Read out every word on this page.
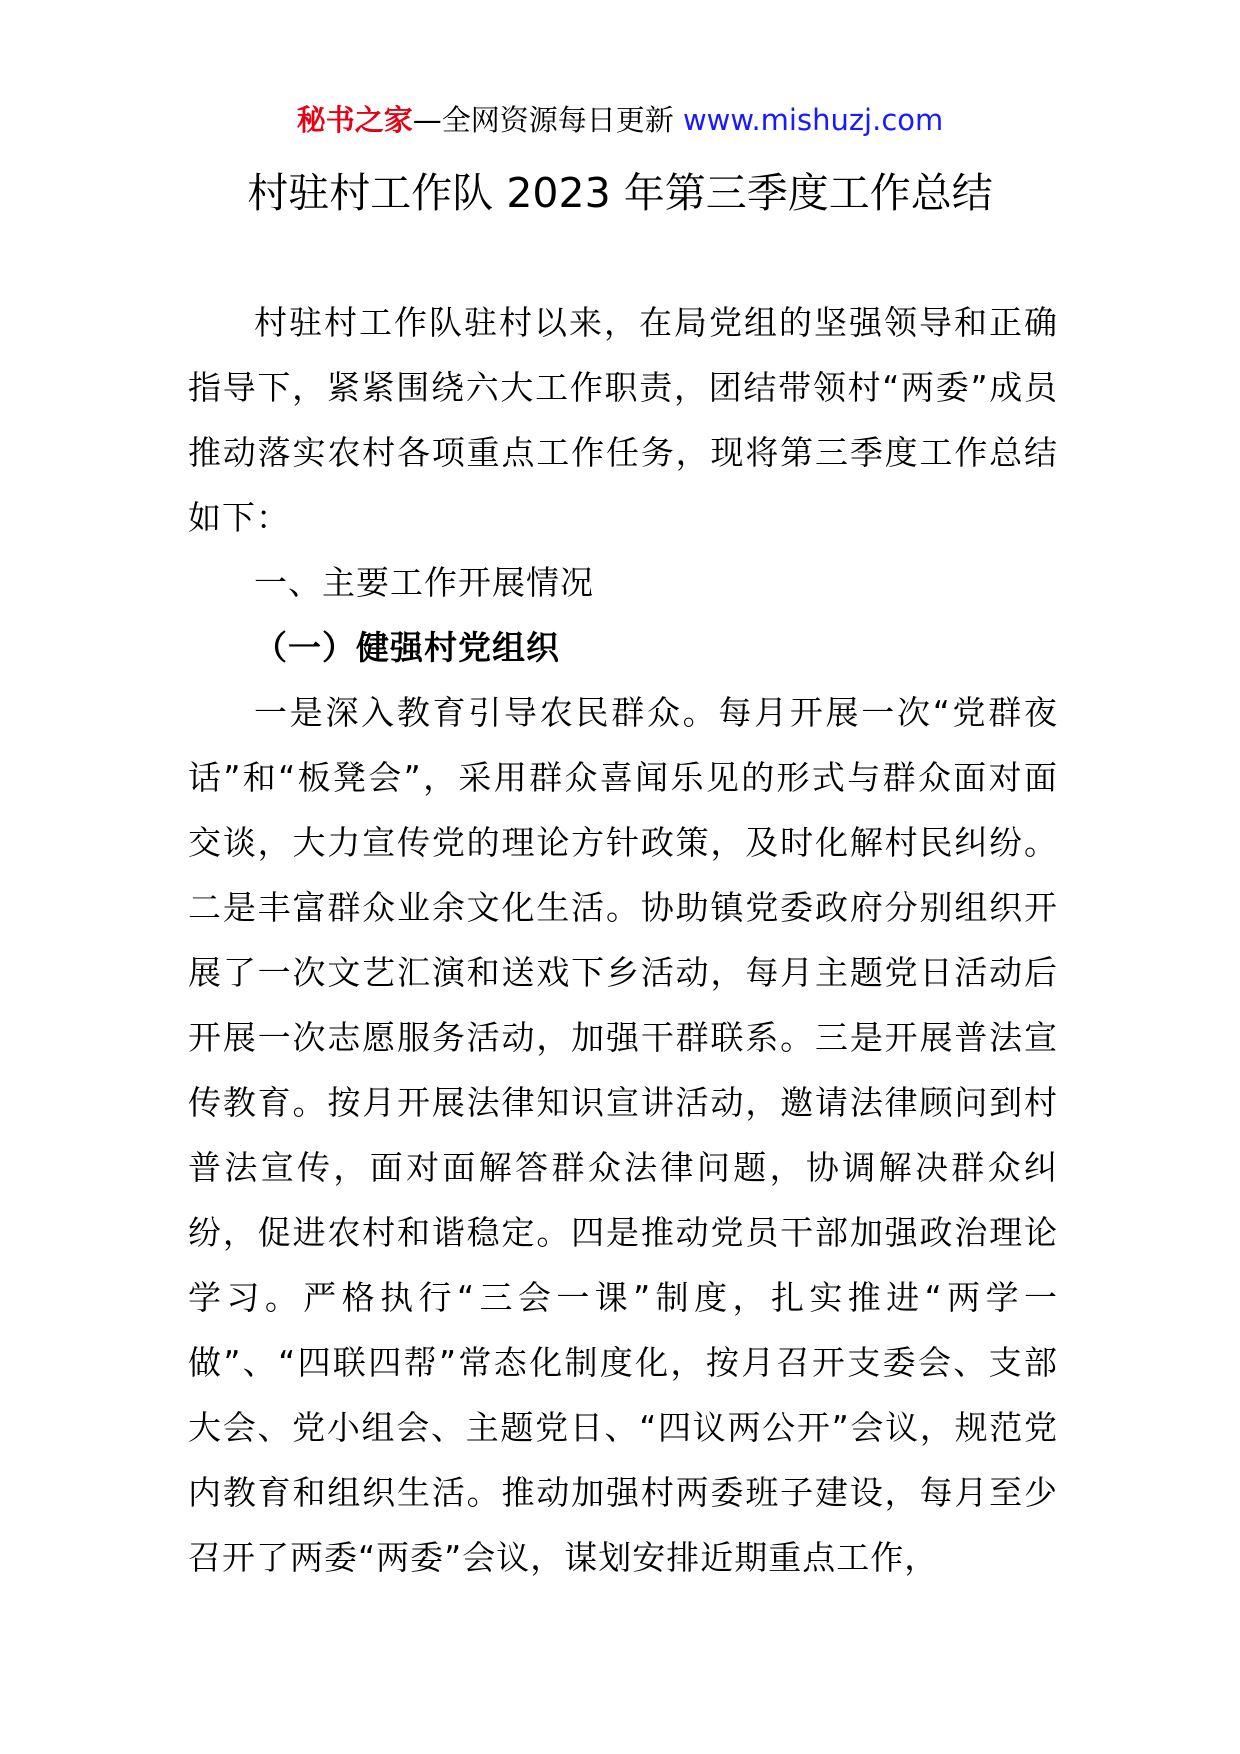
秘书之家—全网资源每日更新 www.mishuzj.com
村驻村工作队 2023 年第三季度工作总结

村驻村工作队驻村以来，在局党组的坚强领导和正确指导下，紧紧围绕六大工作职责，团结带领村“两委”成员推动落实农村各项重点工作任务，现将第三季度工作总结如下：

一、主要工作开展情况

（一）健强村党组织

一是深入教育引导农民群众。每月开展一次“党群夜话”和“板凳会”，采用群众喜闻乐见的形式与群众面对面交谈，大力宣传党的理论方针政策，及时化解村民纠纷。二是丰富群众业余文化生活。协助镇党委政府分别组织开展了一次文艺汇演和送戏下乡活动，每月主题党日活动后开展一次志愿服务活动，加强干群联系。三是开展普法宣传教育。按月开展法律知识宣讲活动，邀请法律顾问到村普法宣传，面对面解答群众法律问题，协调解决群众纠纷，促进农村和谐稳定。四是推动党员干部加强政治理论学习。严格执行“三会一课”制度，扎实推进“两学一做”、“四联四帮”常态化制度化，按月召开支委会、支部大会、党小组会、主题党日、“四议两公开”会议，规范党内教育和组织生活。推动加强村两委班子建设，每月至少召开了两委“两委”会议，谋划安排近期重点工作，
